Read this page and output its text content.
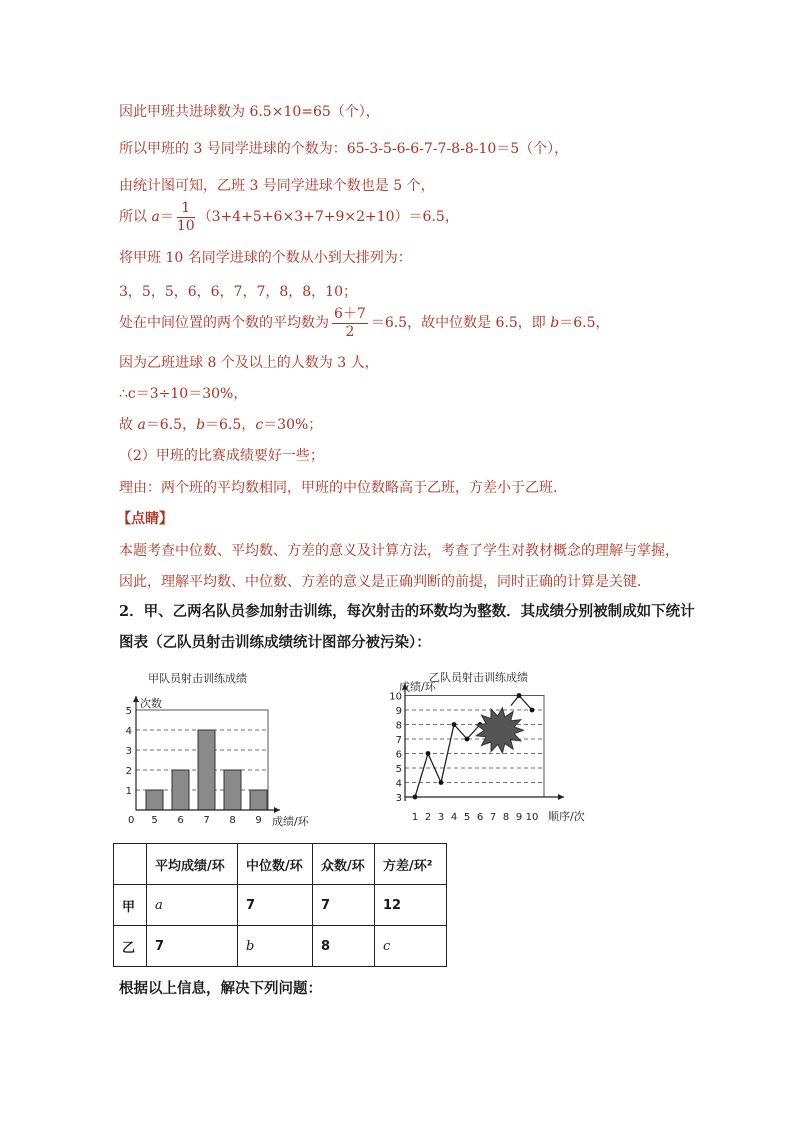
因此甲班共进球数为 6.5×10=65（个），
所以甲班的 3 号同学进球的个数为：65-3-5-6-6-7-7-8-8-10＝5（个），
由统计图可知，乙班 3 号同学进球个数也是 5 个，
所以 $a= \frac{1}{10} (3+4+5+6\times 3+7+9\times 2+10)=6.5$，
将甲班 10 名同学进球的个数从小到大排列为：
3，5，5，6，6，7，7，8，8，10；
处在中间位置的两个数的平均数为 $\frac{6+7}{2} =6.5$，故中位数是 6.5，即 b＝6.5，
因为乙班进球 8 个及以上的人数为 3 人，
∴c＝3÷10＝30%，
故 a＝6.5，b＝6.5，c＝30%；
（2）甲班的比赛成绩要好一些；
理由：两个班的平均数相同，甲班的中位数略高于乙班，方差小于乙班．
【点睛】
本题考查中位数、平均数、方差的意义及计算方法，考查了学生对教材概念的理解与掌握，
因此，理解平均数、中位数、方差的意义是正确判断的前提，同时正确的计算是关键．
2．甲、乙两名队员参加射击训练，每次射击的环数均为整数．其成绩分别被制成如下统计
图表（乙队员射击训练成绩统计图部分被污染）：
甲队员射击训练成绩
5 6 7 8 9
1
2
3
4
5
0
次数
成绩/环
乙队员射击训练成绩
3
4
5
6
7
8
9
10
1 2 3 4 5 6 7 8 9 10
成绩/环
顺序/次
	平均成绩/环	中位数/环	众数/环	方差/环²
甲	a	7	7	12
乙	7	b	8	c
根据以上信息，解决下列问题：
